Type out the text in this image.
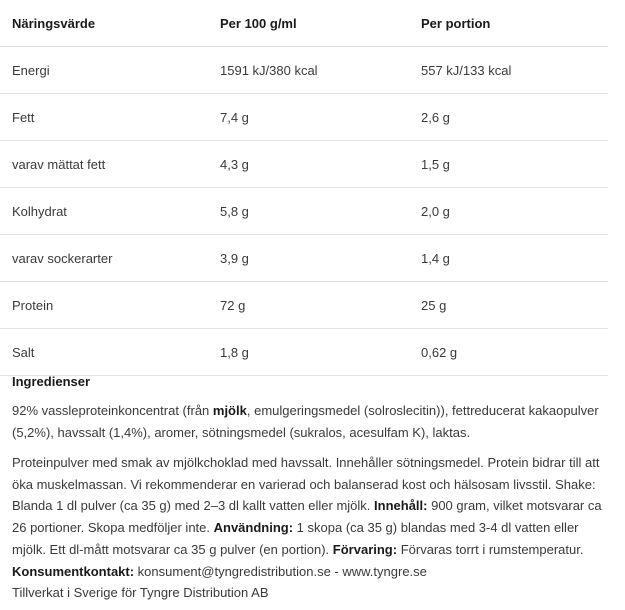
Näringsvärde	Per 100 g/ml	Per portion
Energi	1591 kJ/380 kcal	557 kJ/133 kcal
Fett	7,4 g	2,6 g
varav mättat fett	4,3 g	1,5 g
Kolhydrat	5,8 g	2,0 g
varav sockerarter	3,9 g	1,4 g
Protein	72 g	25 g
Salt	1,8 g	0,62 g
Ingredienser
92% vassleproteinkoncentrat (från mjölk, emulgeringsmedel (solroslecitin)), fettreducerat kakaopulver (5,2%), havssalt (1,4%), aromer, sötningsmedel (sukralos, acesulfam K), laktas.
Proteinpulver med smak av mjölkchoklad med havssalt. Innehåller sötningsmedel. Protein bidrar till att öka muskelmassan. Vi rekommenderar en varierad och balanserad kost och hälsosam livsstil. Shake: Blanda 1 dl pulver (ca 35 g) med 2–3 dl kallt vatten eller mjölk. Innehåll: 900 gram, vilket motsvarar ca 26 portioner. Skopa medföljer inte. Användning: 1 skopa (ca 35 g) blandas med 3-4 dl vatten eller mjölk. Ett dl-mått motsvarar ca 35 g pulver (en portion). Förvaring: Förvaras torrt i rumstemperatur. Konsumentkontakt: konsument@tyngredistribution.se - www.tyngre.se
Tillverkat i Sverige för Tyngre Distribution AB
